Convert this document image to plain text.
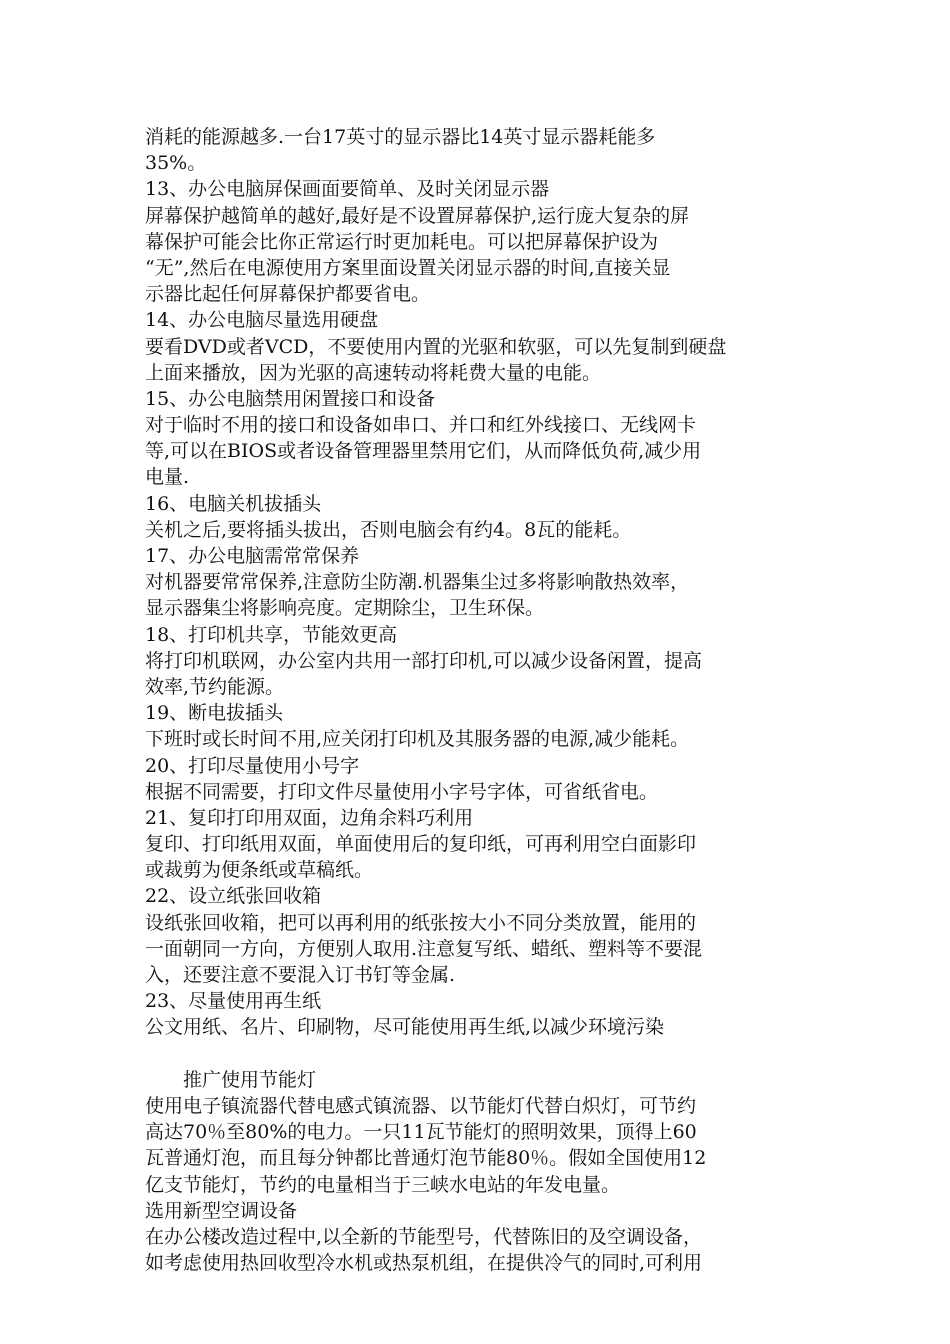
消耗的能源越多.一台17英寸的显示器比14英寸显示器耗能多
35%。
13、办公电脑屏保画面要简单、及时关闭显示器
屏幕保护越简单的越好,最好是不设置屏幕保护,运行庞大复杂的屏
幕保护可能会比你正常运行时更加耗电。可以把屏幕保护设为
“无”,然后在电源使用方案里面设置关闭显示器的时间,直接关显
示器比起任何屏幕保护都要省电。
14、办公电脑尽量选用硬盘
要看DVD或者VCD，不要使用内置的光驱和软驱，可以先复制到硬盘
上面来播放，因为光驱的高速转动将耗费大量的电能。
15、办公电脑禁用闲置接口和设备
对于临时不用的接口和设备如串口、并口和红外线接口、无线网卡
等,可以在BIOS或者设备管理器里禁用它们，从而降低负荷,减少用
电量.
16、电脑关机拔插头
关机之后,要将插头拔出，否则电脑会有约4。8瓦的能耗。
17、办公电脑需常常保养
对机器要常常保养,注意防尘防潮.机器集尘过多将影响散热效率，
显示器集尘将影响亮度。定期除尘，卫生环保。
18、打印机共享，节能效更高
将打印机联网，办公室内共用一部打印机,可以减少设备闲置，提高
效率,节约能源。
19、断电拔插头
下班时或长时间不用,应关闭打印机及其服务器的电源,减少能耗。
20、打印尽量使用小号字
根据不同需要，打印文件尽量使用小字号字体，可省纸省电。
21、复印打印用双面，边角余料巧利用
复印、打印纸用双面，单面使用后的复印纸，可再利用空白面影印
或裁剪为便条纸或草稿纸。
22、设立纸张回收箱
设纸张回收箱，把可以再利用的纸张按大小不同分类放置，能用的
一面朝同一方向，方便别人取用.注意复写纸、蜡纸、塑料等不要混
入，还要注意不要混入订书钉等金属.
23、尽量使用再生纸
公文用纸、名片、印刷物，尽可能使用再生纸,以减少环境污染
推广使用节能灯
使用电子镇流器代替电感式镇流器、以节能灯代替白炽灯，可节约
高达70％至80%的电力。一只11瓦节能灯的照明效果，顶得上60
瓦普通灯泡，而且每分钟都比普通灯泡节能80％。假如全国使用12
亿支节能灯，节约的电量相当于三峡水电站的年发电量。
选用新型空调设备
在办公楼改造过程中,以全新的节能型号，代替陈旧的及空调设备，
如考虑使用热回收型冷水机或热泵机组，在提供冷气的同时,可利用
